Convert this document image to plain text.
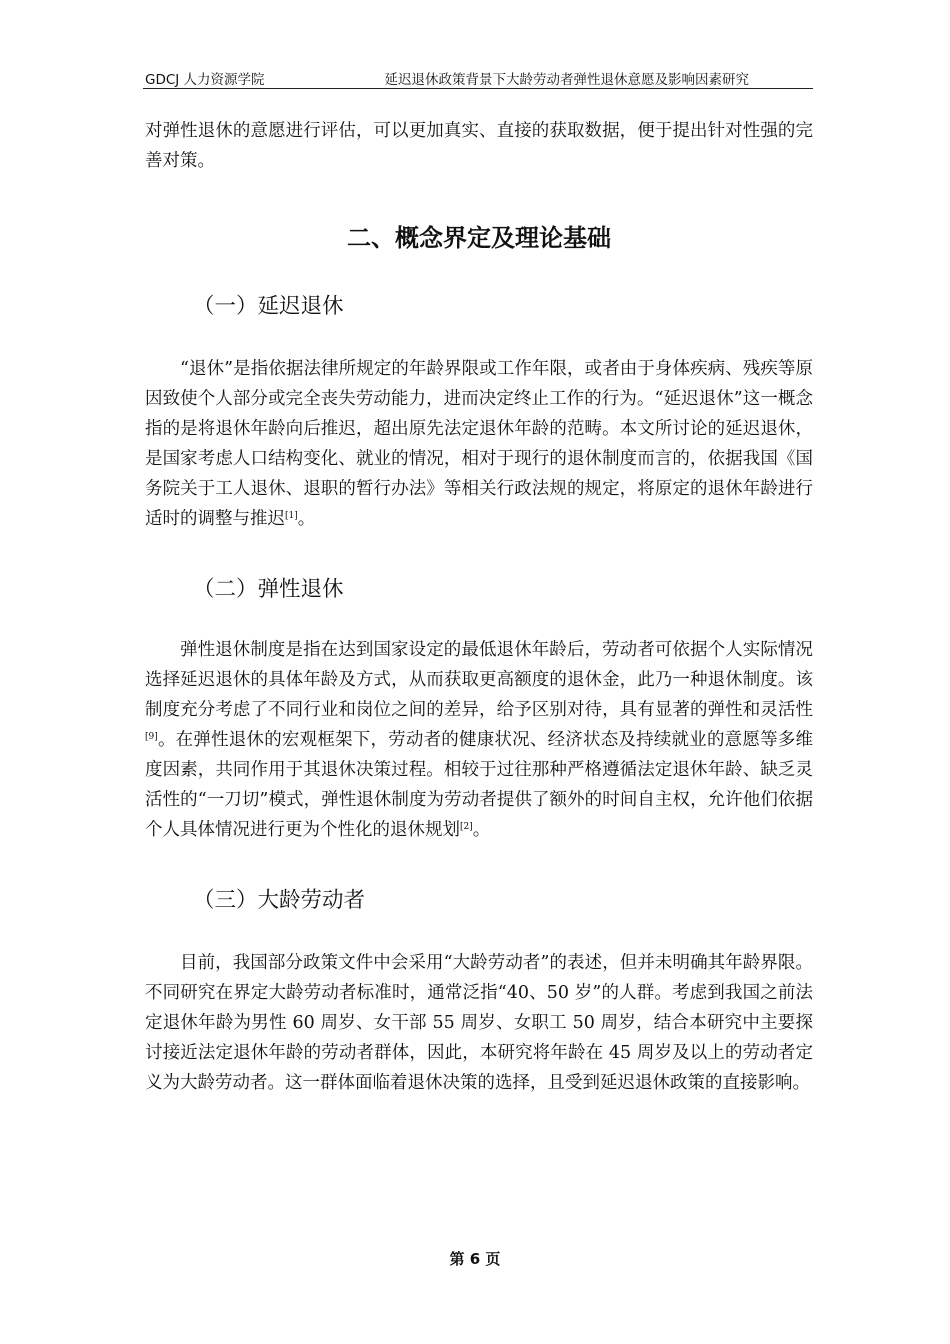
GDCJ 人力资源学院	延迟退休政策背景下大龄劳动者弹性退休意愿及影响因素研究

对弹性退休的意愿进行评估，可以更加真实、直接的获取数据，便于提出针对性强的完善对策。

二、概念界定及理论基础
（一）延迟退休

“退休”是指依据法律所规定的年龄界限或工作年限，或者由于身体疾病、残疾等原因致使个人部分或完全丧失劳动能力，进而决定终止工作的行为。“延迟退休”这一概念指的是将退休年龄向后推迟，超出原先法定退休年龄的范畴。本文所讨论的延迟退休，是国家考虑人口结构变化、就业的情况，相对于现行的退休制度而言的，依据我国《国务院关于工人退休、退职的暂行办法》等相关行政法规的规定，将原定的退休年龄进行适时的调整与推迟[1]。

（二）弹性退休

弹性退休制度是指在达到国家设定的最低退休年龄后，劳动者可依据个人实际情况选择延迟退休的具体年龄及方式，从而获取更高额度的退休金，此乃一种退休制度。该制度充分考虑了不同行业和岗位之间的差异，给予区别对待，具有显著的弹性和灵活性[9]。在弹性退休的宏观框架下，劳动者的健康状况、经济状态及持续就业的意愿等多维度因素，共同作用于其退休决策过程。相较于过往那种严格遵循法定退休年龄、缺乏灵活性的“一刀切”模式，弹性退休制度为劳动者提供了额外的时间自主权，允许他们依据个人具体情况进行更为个性化的退休规划[2]。

（三）大龄劳动者

目前，我国部分政策文件中会采用“大龄劳动者”的表述，但并未明确其年龄界限。不同研究在界定大龄劳动者标准时，通常泛指“40、50 岁”的人群。考虑到我国之前法定退休年龄为男性 60 周岁、女干部 55 周岁、女职工 50 周岁，结合本研究中主要探讨接近法定退休年龄的劳动者群体，因此，本研究将年龄在 45 周岁及以上的劳动者定义为大龄劳动者。这一群体面临着退休决策的选择，且受到延迟退休政策的直接影响。

第 6 页
